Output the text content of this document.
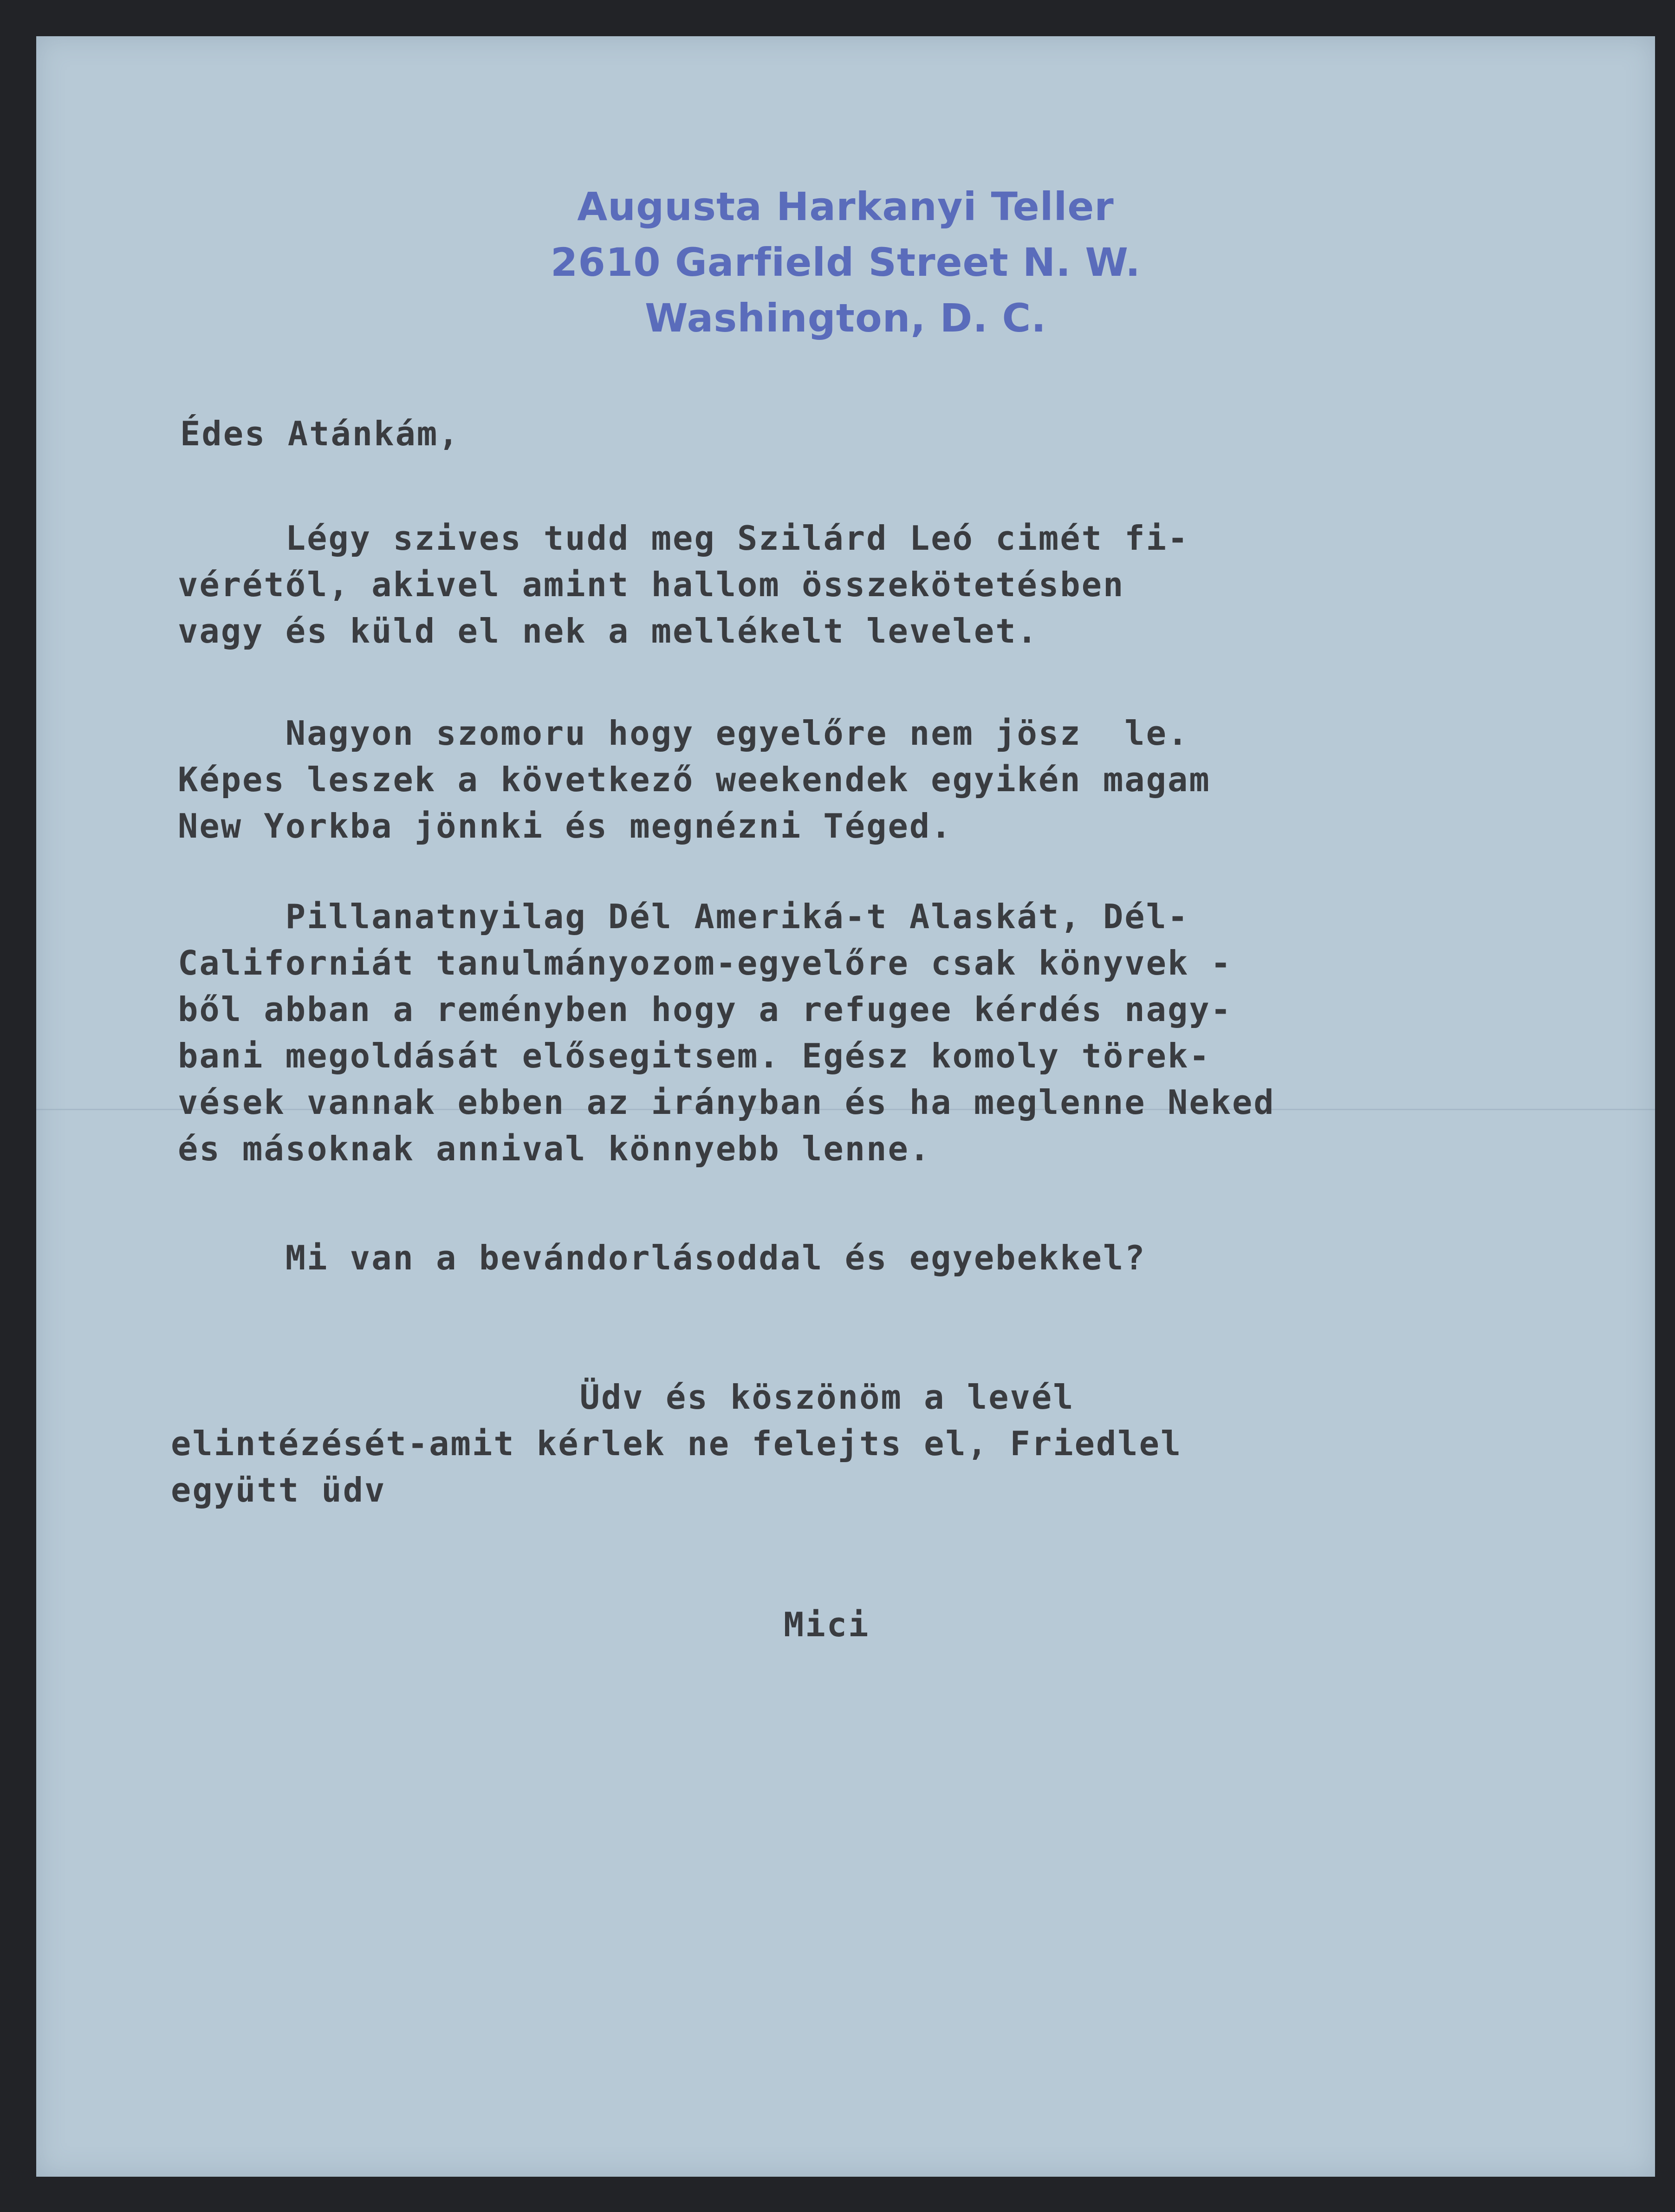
Augusta Harkanyi Teller
2610 Garfield Street N. W.
Washington, D. C.
Édes Atánkám,
Légy szives tudd meg Szilárd Leó cimét fi-
vérétől, akivel amint hallom összekötetésben
vagy és küld el nek a mellékelt levelet.
Nagyon szomoru hogy egyelőre nem jösz  le.
Képes leszek a következő weekendek egyikén magam
New Yorkba jönnki és megnézni Téged.
Pillanatnyilag Dél Ameriká-t Alaskát, Dél-
Californiát tanulmányozom-egyelőre csak könyvek -
ből abban a reményben hogy a refugee kérdés nagy-
bani megoldását elősegitsem. Egész komoly törek-
vések vannak ebben az irányban és ha meglenne Neked
és másoknak annival könnyebb lenne.
Mi van a bevándorlásoddal és egyebekkel?
Üdv és köszönöm a levél
elintézését-amit kérlek ne felejts el, Friedlel
együtt üdv
Mici
